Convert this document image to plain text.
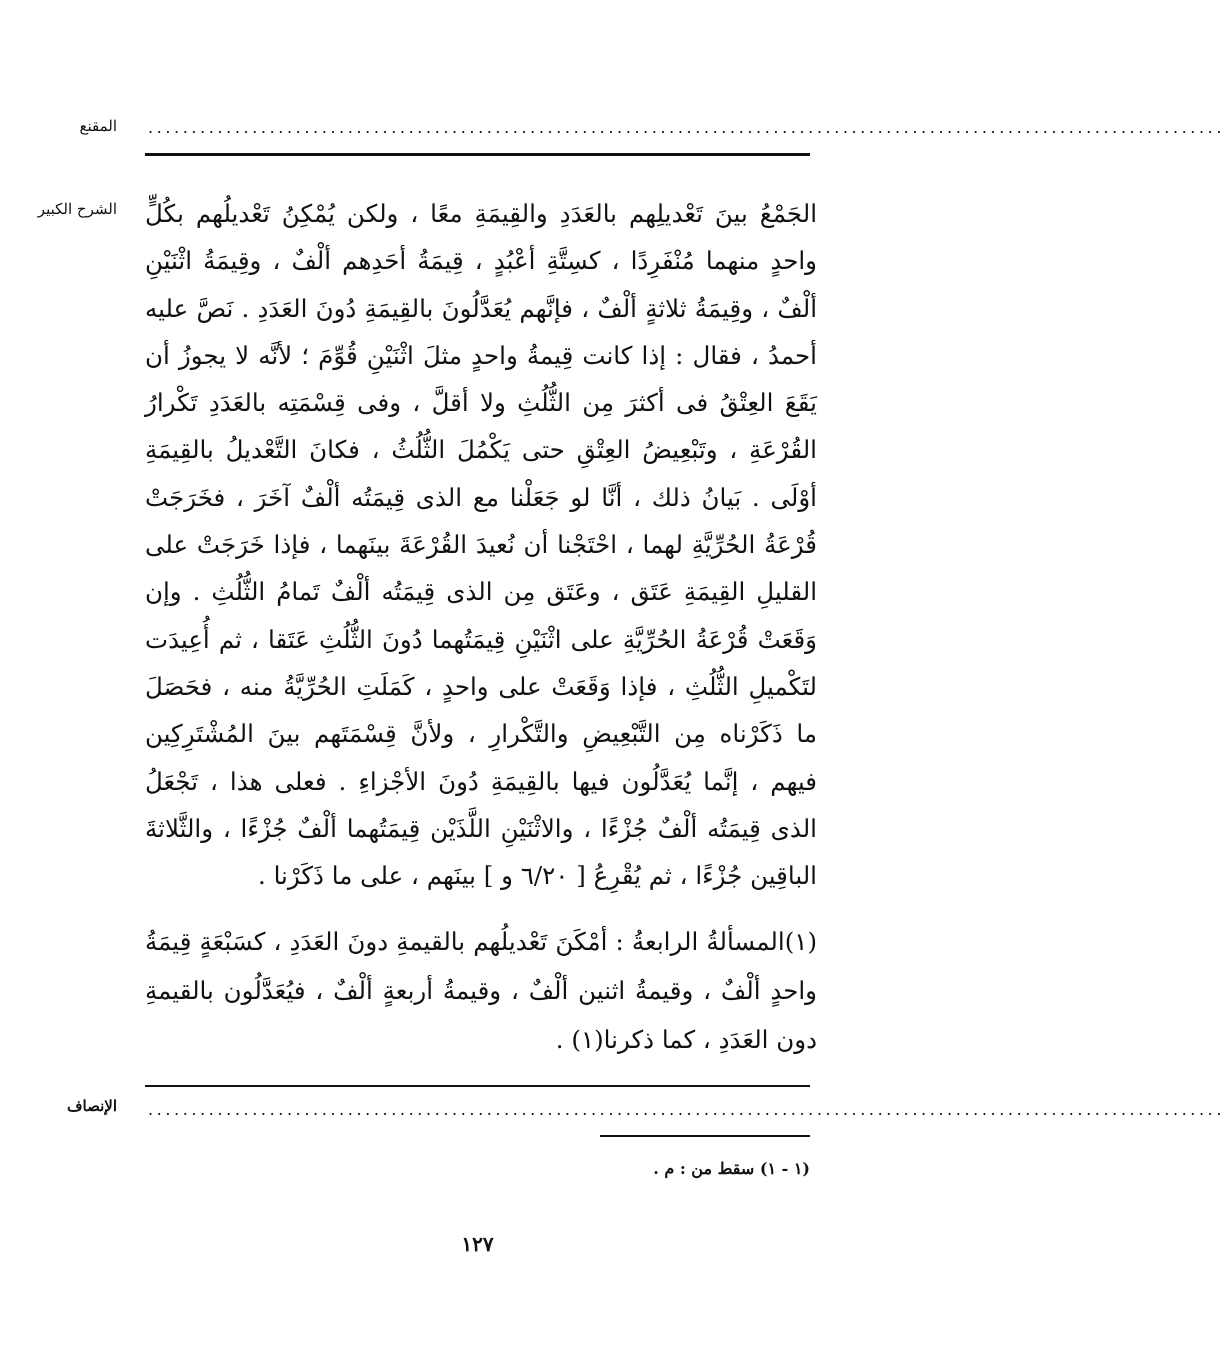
المقنع ............................................................................................................................
الشرح الكبير الجَمْعُ بينَ تَعْديلِهم بالعَدَدِ والقِيمَةِ معًا ، ولكن يُمْكِنُ تَعْديلُهم بكُلٍّ واحدٍ منهما مُنْفَرِدًا ، كسِتَّةِ أعْبُدٍ ، قِيمَةُ أحَدِهم ألْفٌ ، وقِيمَةُ اثْنَيْنِ ألْفٌ ، وقِيمَةُ ثلاثةٍ ألْفٌ ، فإنَّهم يُعَدَّلُونَ بالقِيمَةِ دُونَ العَدَدِ . نَصَّ عليه أحمدُ ، فقال : إذا كانت قِيمةُ واحدٍ مثلَ اثْنَيْنِ قُوِّمَ ؛ لأنَّه لا يجوزُ أن يَقَعَ العِتْقُ فى أكثرَ مِن الثُّلُثِ ولا أقلَّ ، وفى قِسْمَتِه بالعَدَدِ تَكْرارُ القُرْعَةِ ، وتَبْعِيضُ العِتْقِ حتى يَكْمُلَ الثُّلُثُ ، فكانَ التَّعْديلُ بالقِيمَةِ أوْلَى . بَيانُ ذلك ، أنَّا لو جَعَلْنا مع الذى قِيمَتُه ألْفٌ آخَرَ ، فخَرَجَتْ قُرْعَةُ الحُرِّيَّةِ لهما ، احْتَجْنا أن نُعيدَ القُرْعَةَ بينَهما ، فإذا خَرَجَتْ على القليلِ القِيمَةِ عَتَق ، وعَتَق مِن الذى قِيمَتُه ألْفٌ تَمامُ الثُّلُثِ . وإن وَقَعَتْ قُرْعَةُ الحُرِّيَّةِ على اثْنَيْنِ قِيمَتُهما دُونَ الثُّلُثِ عَتَقا ، ثم أُعِيدَت لتَكْميلِ الثُّلُثِ ، فإذا وَقَعَتْ على واحدٍ ، كَمَلَتِ الحُرِّيَّةُ منه ، فحَصَلَ ما ذَكَرْناه مِن التَّبْعِيضِ والتَّكْرارِ ، ولأنَّ قِسْمَتَهم بينَ المُشْتَرِكِين فيهم ، إنَّما يُعَدَّلُون فيها بالقِيمَةِ دُونَ الأجْزاءِ . فعلى هذا ، تَجْعَلُ الذى قِيمَتُه ألْفٌ جُزْءًا ، والاثْنَيْنِ اللَّذَيْن قِيمَتُهما ألْفٌ جُزْءًا ، والثَّلاثةَ الباقِين جُزْءًا ، ثم يُقْرِعُ [ ٦/٢٠ و ] بينَهم ، على ما ذَكَرْنا .

(١)المسألةُ الرابعةُ : أمْكَنَ تَعْديلُهم بالقيمةِ دونَ العَدَدِ ، كسَبْعَةٍ قِيمَةُ واحدٍ ألْفٌ ، وقيمةُ اثنين ألْفٌ ، وقيمةُ أربعةٍ ألْفٌ ، فيُعَدَّلُون بالقيمةِ دون العَدَدِ ، كما ذكرنا(١) .

الإنصاف ............................................................................................................................
(١ - ١) سقط من : م .
١٢٧
